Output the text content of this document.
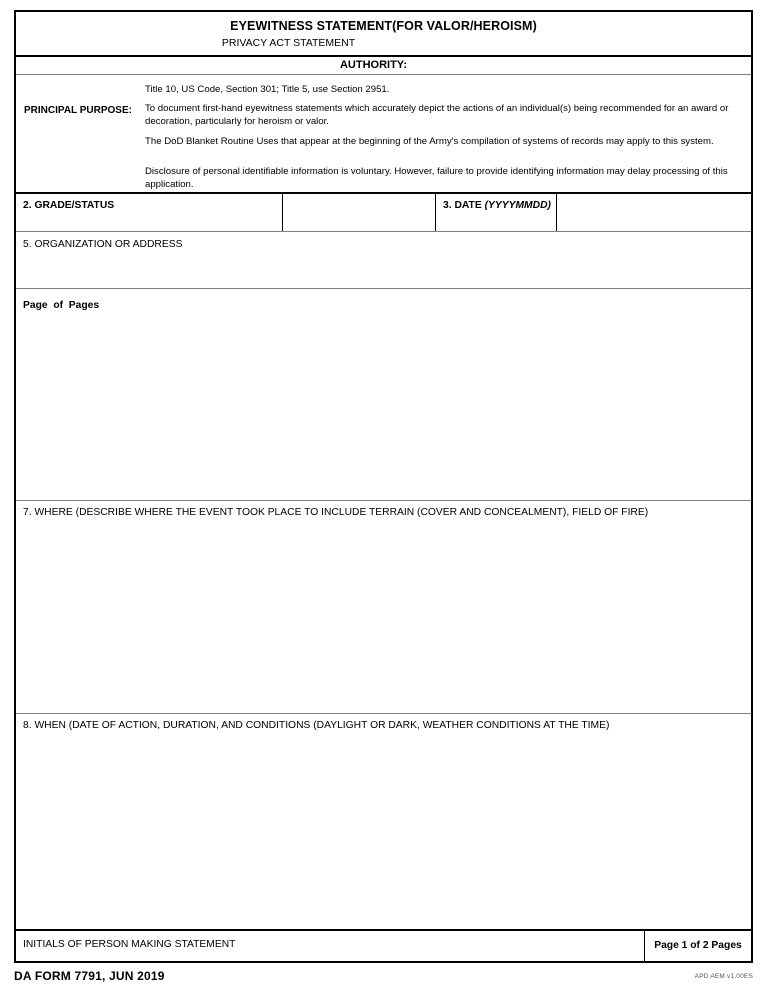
EYEWITNESS STATEMENT(FOR VALOR/HEROISM)
PRIVACY ACT STATEMENT
AUTHORITY:
PRINCIPAL PURPOSE:

Title 10, US Code, Section 301; Title 5, use Section 2951.

To document first-hand eyewitness statements which accurately depict the actions of an individual(s) being recommended for an award or decoration, particularly for heroism or valor.

The DoD Blanket Routine Uses that appear at the beginning of the Army's compilation of systems of records may apply to this system.

Disclosure of personal identifiable information is voluntary. However, failure to provide identifying information may delay processing of this application.

2. GRADE/STATUS	3. DATE (YYYYMMDD)
5. ORGANIZATION OR ADDRESS
Page  of  Pages
7. WHERE (DESCRIBE WHERE THE EVENT TOOK PLACE TO INCLUDE TERRAIN (COVER AND CONCEALMENT), FIELD OF FIRE)
8. WHEN (DATE OF ACTION, DURATION, AND CONDITIONS (DAYLIGHT OR DARK, WEATHER CONDITIONS AT THE TIME)
INITIALS OF PERSON MAKING STATEMENT	Page 1 of 2 Pages
DA FORM 7791, JUN 2019	APD AEM v1.00ES
